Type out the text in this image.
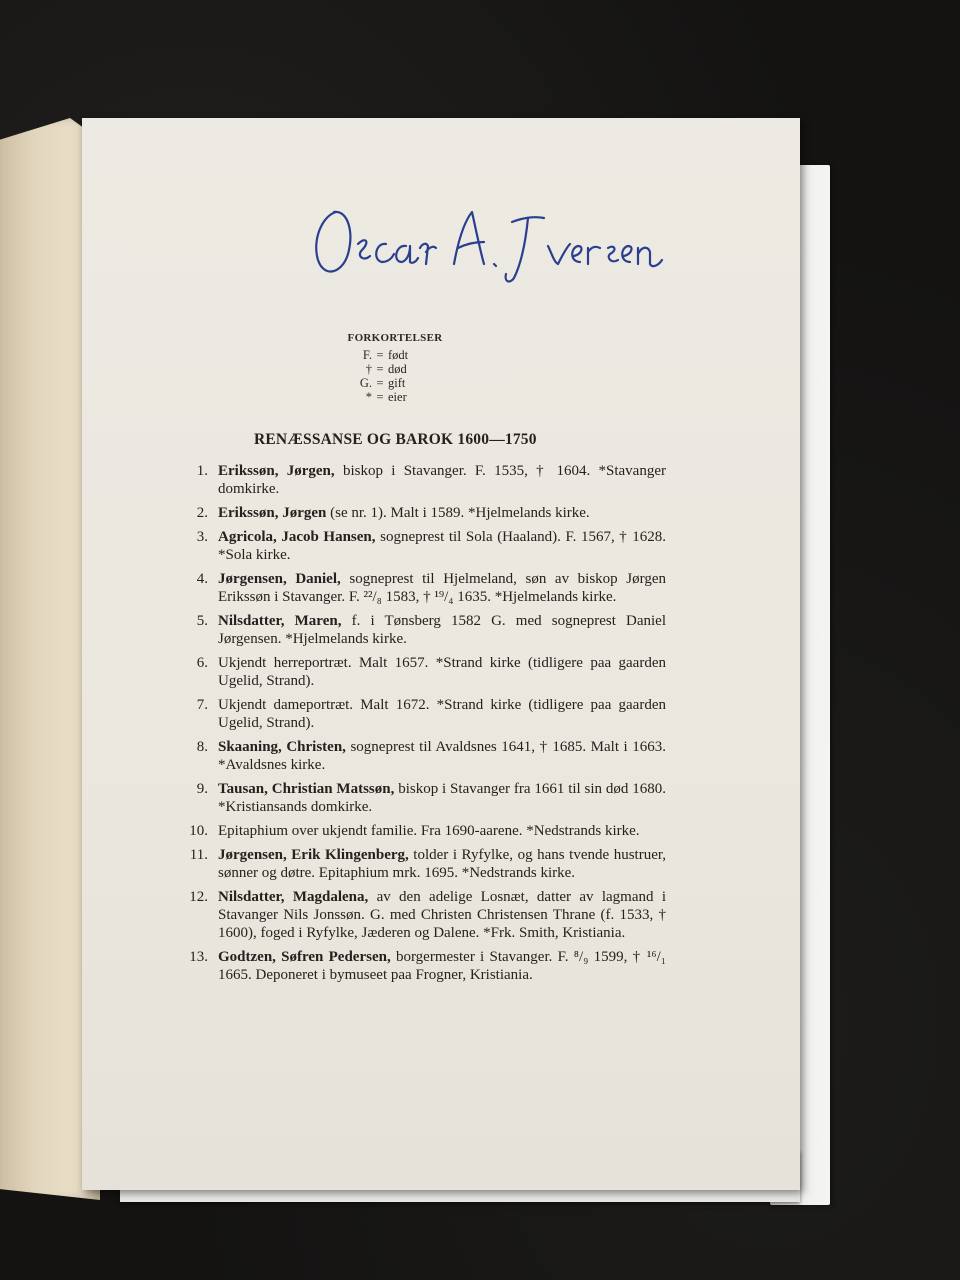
FORKORTELSER
F. = født
† = død
G. = gift
* = eier
RENÆSSANSE OG BAROK 1600—1750
1. Erikssøn, Jørgen, biskop i Stavanger. F. 1535, † 1604. *Stavanger domkirke.
2. Erikssøn, Jørgen (se nr. 1). Malt i 1589. *Hjelmelands kirke.
3. Agricola, Jacob Hansen, sogneprest til Sola (Haaland). F. 1567, † 1628. *Sola kirke.
4. Jørgensen, Daniel, sogneprest til Hjelmeland, søn av biskop Jørgen Erikssøn i Stavanger. F. ²²/₈ 1583, † ¹⁹/₄ 1635. *Hjelmelands kirke.
5. Nilsdatter, Maren, f. i Tønsberg 1582 G. med sogneprest Daniel Jørgensen. *Hjelmelands kirke.
6. Ukjendt herreportræt. Malt 1657. *Strand kirke (tidligere paa gaarden Ugelid, Strand).
7. Ukjendt dameportræt. Malt 1672. *Strand kirke (tidligere paa gaarden Ugelid, Strand).
8. Skaaning, Christen, sogneprest til Avaldsnes 1641, † 1685. Malt i 1663. *Avaldsnes kirke.
9. Tausan, Christian Matssøn, biskop i Stavanger fra 1661 til sin død 1680. *Kristiansands domkirke.
10. Epitaphium over ukjendt familie. Fra 1690-aarene. *Nedstrands kirke.
11. Jørgensen, Erik Klingenberg, tolder i Ryfylke, og hans tvende hustruer, sønner og døtre. Epitaphium mrk. 1695. *Nedstrands kirke.
12. Nilsdatter, Magdalena, av den adelige Losnæt, datter av lagmand i Stavanger Nils Jonssøn. G. med Christen Christensen Thrane (f. 1533, † 1600), foged i Ryfylke, Jæderen og Dalene. *Frk. Smith, Kristiania.
13. Godtzen, Søfren Pedersen, borgermester i Stavanger. F. ⁸/₉ 1599, † ¹⁶/₁ 1665. Deponeret i bymuseet paa Frogner, Kristiania.
